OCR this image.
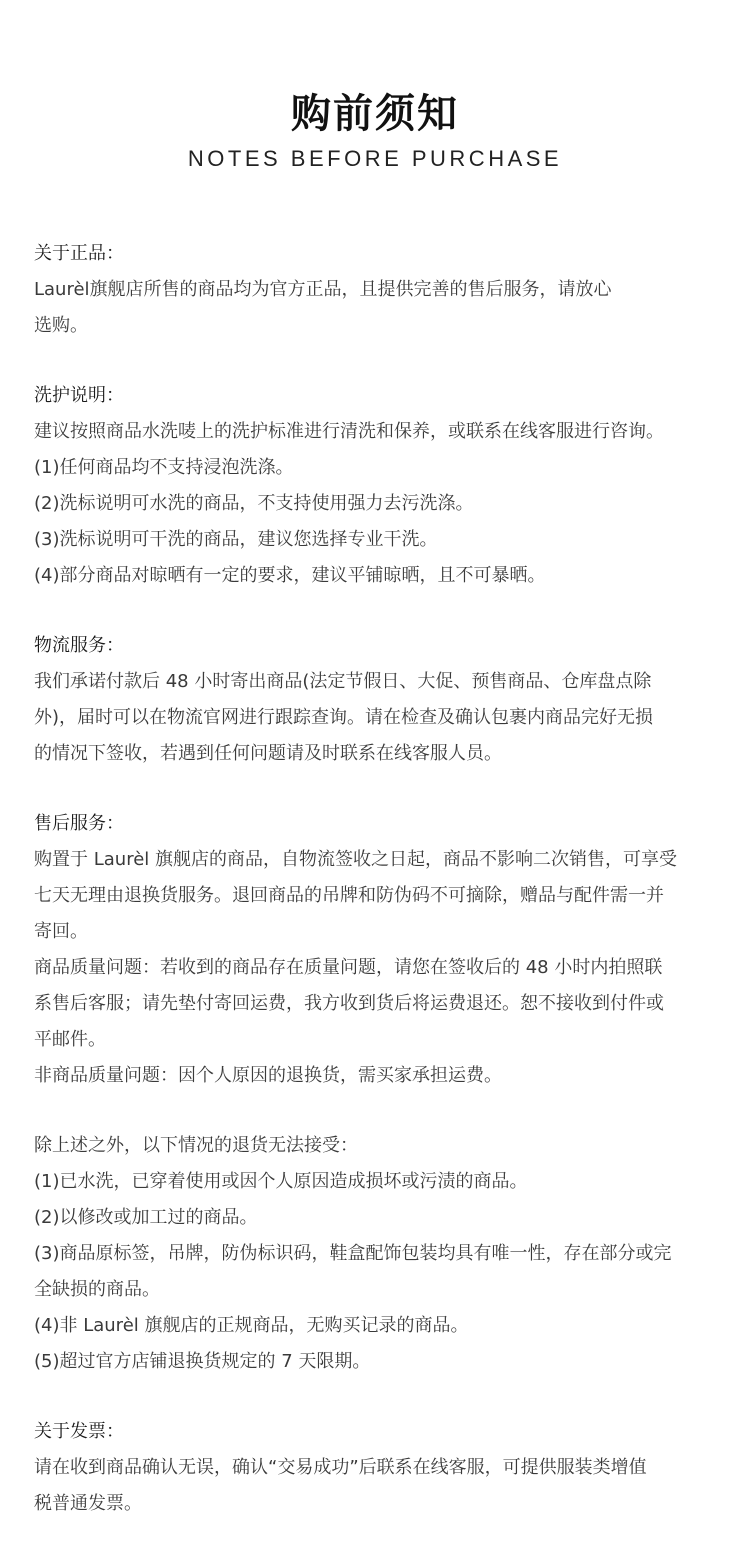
购前须知
NOTES BEFORE PURCHASE
关于正品：
Laurèl旗舰店所售的商品均为官方正品，且提供完善的售后服务，请放心
选购。
洗护说明：
建议按照商品水洗唛上的洗护标准进行清洗和保养，或联系在线客服进行咨询。
(1)任何商品均不支持浸泡洗涤。
(2)洗标说明可水洗的商品，不支持使用强力去污洗涤。
(3)洗标说明可干洗的商品，建议您选择专业干洗。
(4)部分商品对晾晒有一定的要求，建议平铺晾晒，且不可暴晒。
物流服务：
我们承诺付款后 48 小时寄出商品(法定节假日、大促、预售商品、仓库盘点除
外)，届时可以在物流官网进行跟踪查询。请在检查及确认包裹内商品完好无损
的情况下签收，若遇到任何问题请及时联系在线客服人员。
售后服务：
购置于 Laurèl 旗舰店的商品，自物流签收之日起，商品不影响二次销售，可享受
七天无理由退换货服务。退回商品的吊牌和防伪码不可摘除，赠品与配件需一并
寄回。
商品质量问题：若收到的商品存在质量问题，请您在签收后的 48 小时内拍照联
系售后客服；请先垫付寄回运费，我方收到货后将运费退还。恕不接收到付件或
平邮件。
非商品质量问题：因个人原因的退换货，需买家承担运费。
除上述之外，以下情况的退货无法接受：
(1)已水洗，已穿着使用或因个人原因造成损坏或污渍的商品。
(2)以修改或加工过的商品。
(3)商品原标签，吊牌，防伪标识码，鞋盒配饰包装均具有唯一性，存在部分或完
全缺损的商品。
(4)非 Laurèl 旗舰店的正规商品，无购买记录的商品。
(5)超过官方店铺退换货规定的 7 天限期。
关于发票：
请在收到商品确认无误，确认“交易成功”后联系在线客服，可提供服装类增值
税普通发票。
